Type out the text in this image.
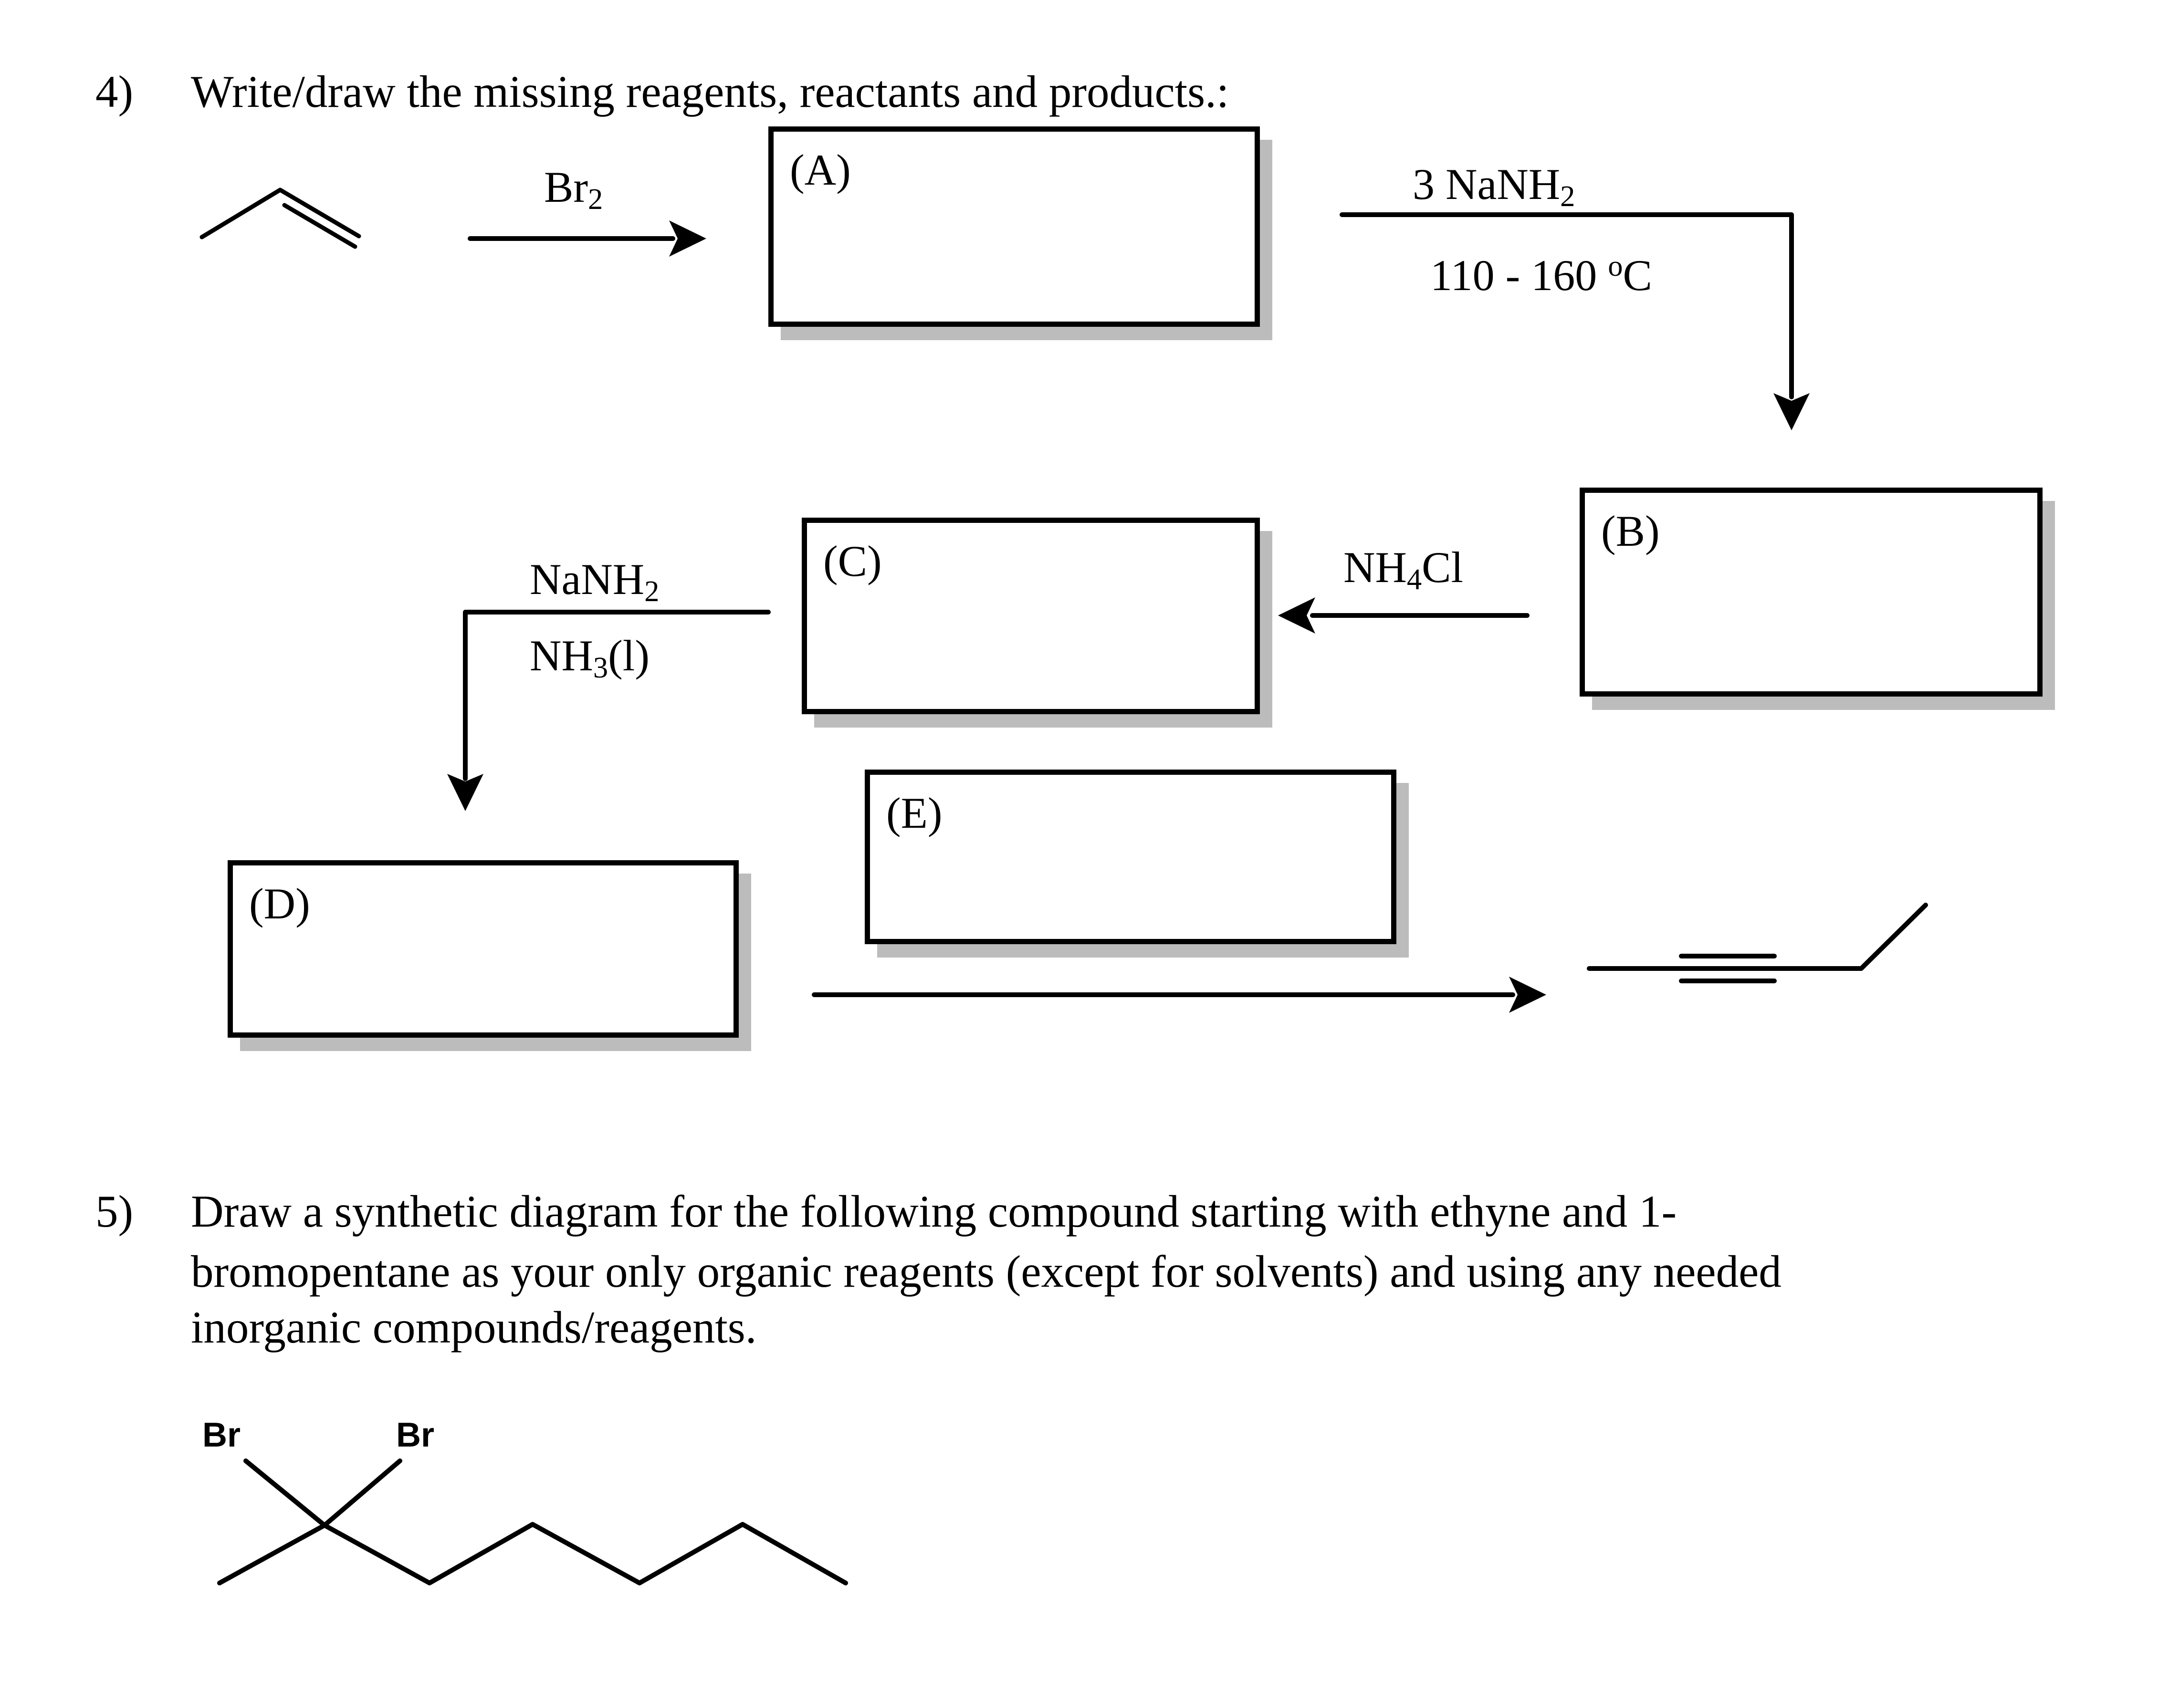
4) Write/draw the missing reagents, reactants and products.:
(A)
(B)
(C)
(D)
(E)
$Br_2$	3 NaNH$_2$
110 - 160 $^o$C
$NH_4Cl$
NaNH$_2$
$NH_3(l)$
5) Draw a synthetic diagram for the following compound starting with ethyne and 1-
bromopentane as your only organic reagents (except for solvents) and using any needed
inorganic compounds/reagents.
Br	Br
